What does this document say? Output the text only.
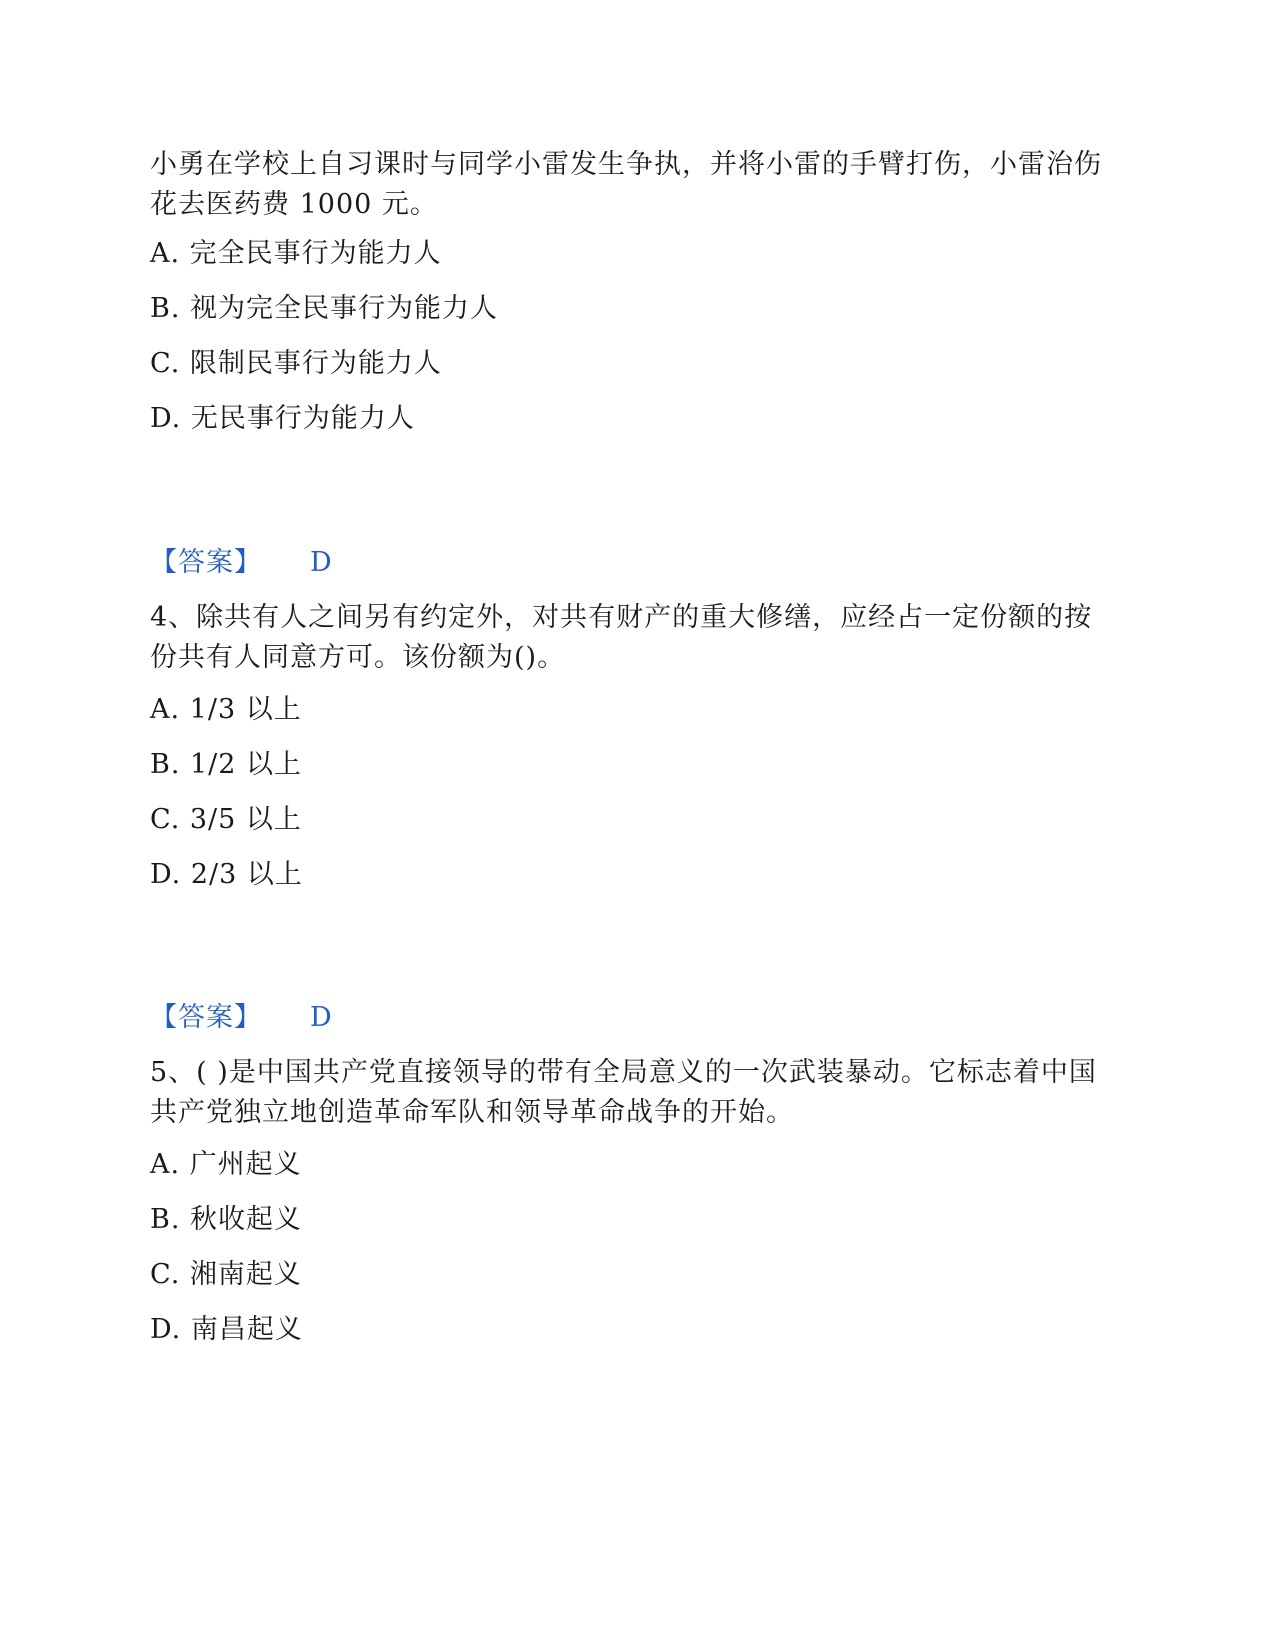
小勇在学校上自习课时与同学小雷发生争执，并将小雷的手臂打伤，小雷治伤花去医药费 1000 元。

A. 完全民事行为能力人

B. 视为完全民事行为能力人

C. 限制民事行为能力人

D. 无民事行为能力人

【答案】 D

4、除共有人之间另有约定外，对共有财产的重大修缮，应经占一定份额的按份共有人同意方可。该份额为()。

A. 1/3 以上

B. 1/2 以上

C. 3/5 以上

D. 2/3 以上

【答案】 D

5、( )是中国共产党直接领导的带有全局意义的一次武装暴动。它标志着中国共产党独立地创造革命军队和领导革命战争的开始。

A. 广州起义

B. 秋收起义

C. 湘南起义

D. 南昌起义
